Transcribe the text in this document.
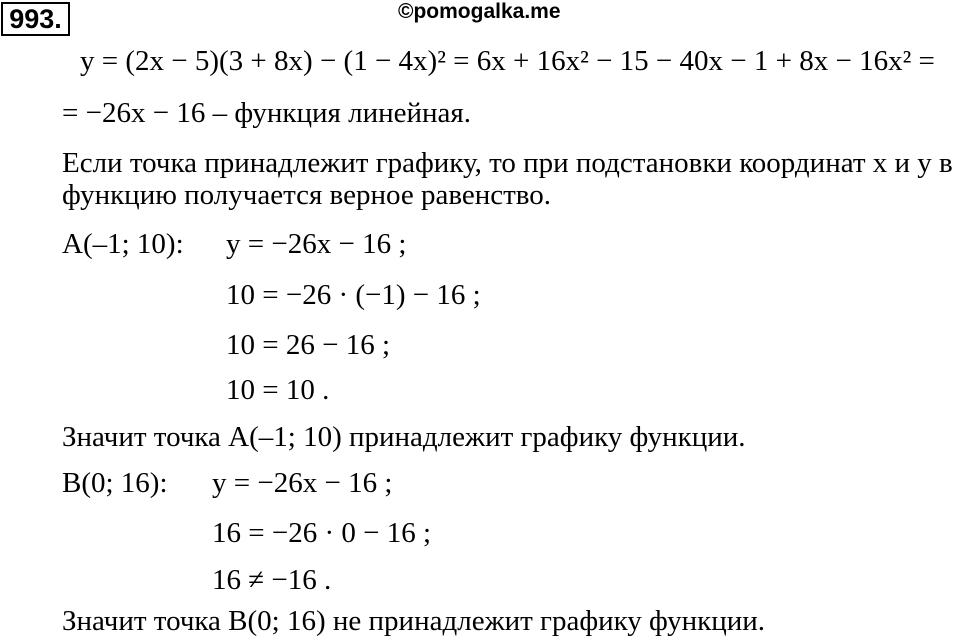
993.	©pomogalka.me
y = (2x − 5)(3 + 8x) − (1 − 4x)² = 6x + 16x² − 15 − 40x − 1 + 8x − 16x² =
= −26x − 16 – функция линейная.
Если точка принадлежит графику, то при подстановки координат x и y в
функцию получается верное равенство.
A(–1; 10): y = −26x − 16 ;
10 = −26 · (−1) − 16 ;
10 = 26 − 16 ;
10 = 10 .
Значит точка A(–1; 10) принадлежит графику функции.
B(0; 16): y = −26x − 16 ;
16 = −26 · 0 − 16 ;
16 ≠ −16 .
Значит точка B(0; 16) не принадлежит графику функции.
